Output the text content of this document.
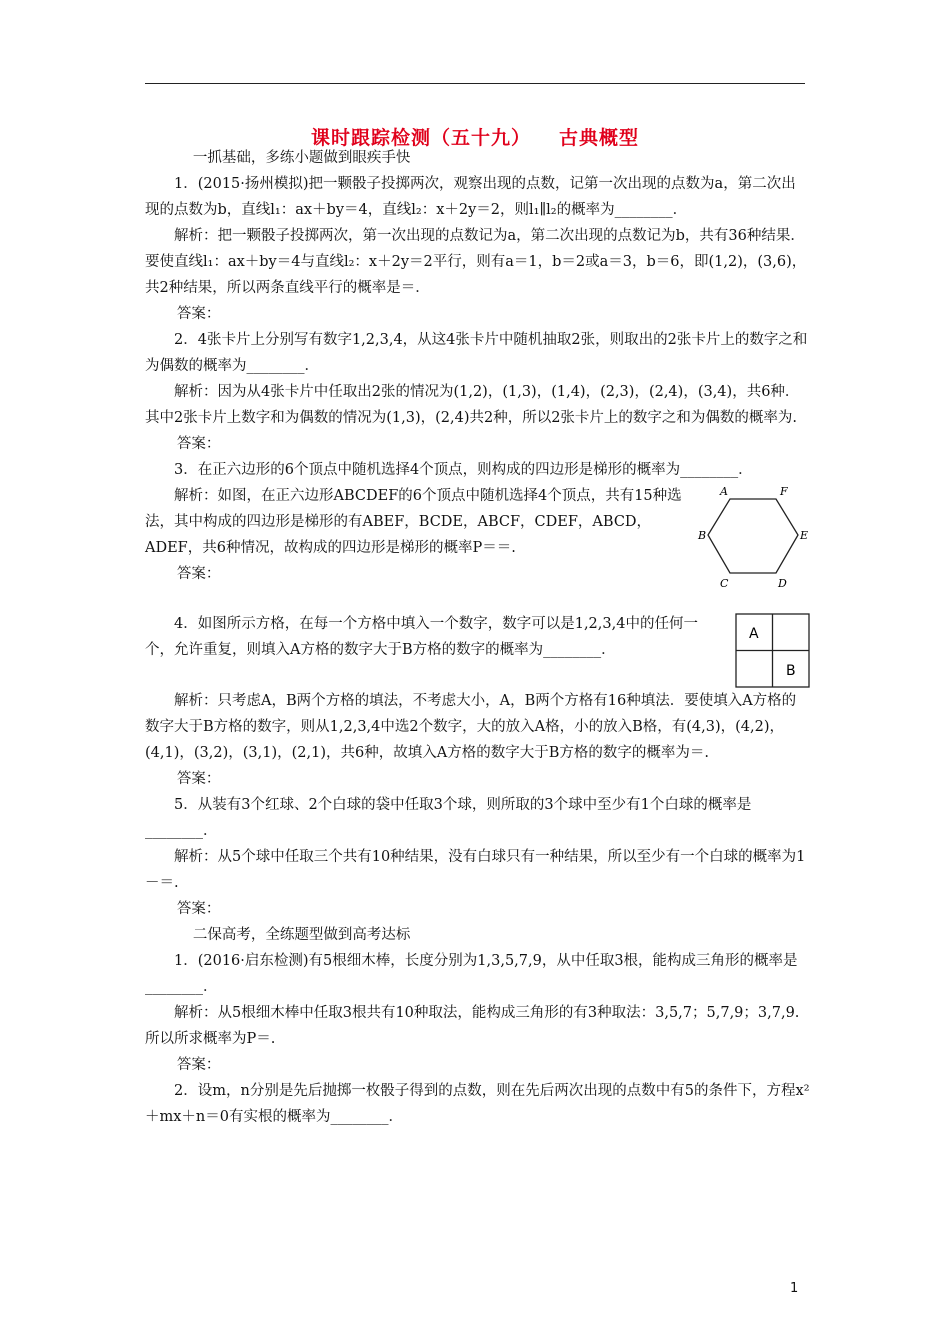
课时跟踪检测（五十九） 古典概型

一抓基础，多练小题做到眼疾手快

1．(2015·扬州模拟)把一颗骰子投掷两次，观察出现的点数，记第一次出现的点数为a，第二次出现的点数为b，直线l₁：ax＋by＝4，直线l₂：x＋2y＝2，则l₁∥l₂的概率为________．

解析：把一颗骰子投掷两次，第一次出现的点数记为a，第二次出现的点数记为b，共有36种结果．要使直线l₁：ax＋by＝4与直线l₂：x＋2y＝2平行，则有a＝1，b＝2或a＝3，b＝6，即(1,2)，(3,6)，共2种结果，所以两条直线平行的概率是＝．

答案：

2．4张卡片上分别写有数字1,2,3,4，从这4张卡片中随机抽取2张，则取出的2张卡片上的数字之和为偶数的概率为________．

解析：因为从4张卡片中任取出2张的情况为(1,2)，(1,3)，(1,4)，(2,3)，(2,4)，(3,4)，共6种．其中2张卡片上数字和为偶数的情况为(1,3)，(2,4)共2种，所以2张卡片上的数字之和为偶数的概率为.

答案：

3．在正六边形的6个顶点中随机选择4个顶点，则构成的四边形是梯形的概率为________．

解析：如图，在正六边形ABCDEF的6个顶点中随机选择4个顶点，共有15种选法，其中构成的四边形是梯形的有ABEF，BCDE，ABCF，CDEF，ABCD，ADEF，共6种情况，故构成的四边形是梯形的概率P＝＝.

答案：

A	F
B	E
C	D

4．如图所示方格，在每一个方格中填入一个数字，数字可以是1,2,3,4中的任何一个，允许重复，则填入A方格的数字大于B方格的数字的概率为________．

A
B

解析：只考虑A，B两个方格的填法，不考虑大小，A，B两个方格有16种填法．要使填入A方格的数字大于B方格的数字，则从1,2,3,4中选2个数字，大的放入A格，小的放入B格，有(4,3)，(4,2)，(4,1)，(3,2)，(3,1)，(2,1)，共6种，故填入A方格的数字大于B方格的数字的概率为＝.

答案：

5．从装有3个红球、2个白球的袋中任取3个球，则所取的3个球中至少有1个白球的概率是________．

解析：从5个球中任取三个共有10种结果，没有白球只有一种结果，所以至少有一个白球的概率为1－＝.

答案：

二保高考，全练题型做到高考达标

1．(2016·启东检测)有5根细木棒，长度分别为1,3,5,7,9，从中任取3根，能构成三角形的概率是________．

解析：从5根细木棒中任取3根共有10种取法，能构成三角形的有3种取法：3,5,7；5,7,9；3,7,9.所以所求概率为P＝.

答案：

2．设m，n分别是先后抛掷一枚骰子得到的点数，则在先后两次出现的点数中有5的条件下，方程x²＋mx＋n＝0有实根的概率为________．

1
